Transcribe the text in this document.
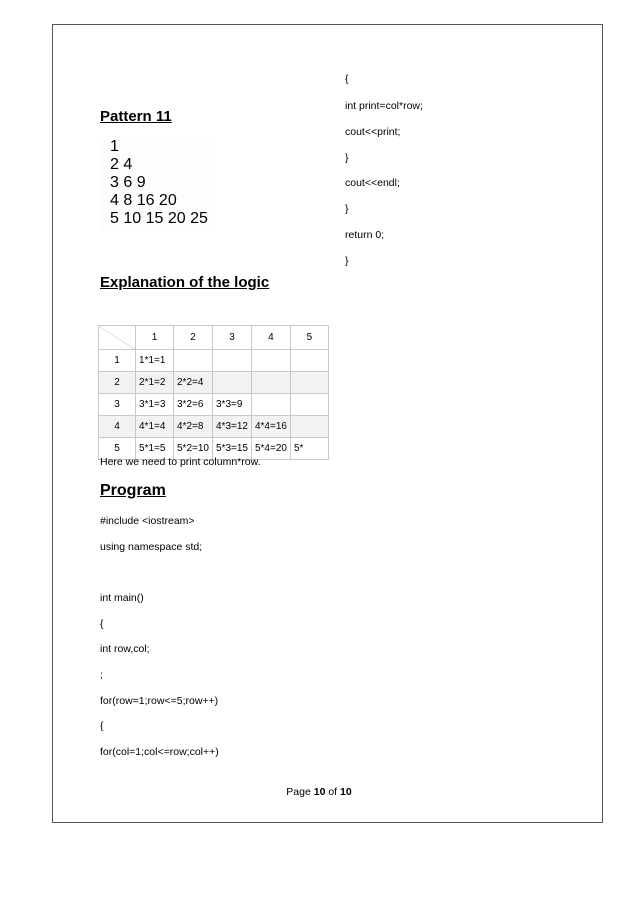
{
int print=col*row;
cout<<print;
}
cout<<endl;
}
return 0;
}
Pattern 11
1
2 4
3 6 9
4 8 16 20
5 10 15 20 25
Explanation of the logic
	1	2	3	4	5
1	1*1=1				
2	2*1=2	2*2=4			
3	3*1=3	3*2=6	3*3=9		
4	4*1=4	4*2=8	4*3=12	4*4=16	
5	5*1=5	5*2=10	5*3=15	5*4=20	5*
Here we need to print column*row.
Program
#include <iostream>
using namespace std;
int main()
{
int row,col;
;
for(row=1;row<=5;row++)
{
for(col=1;col<=row;col++)
Page 10 of 10
